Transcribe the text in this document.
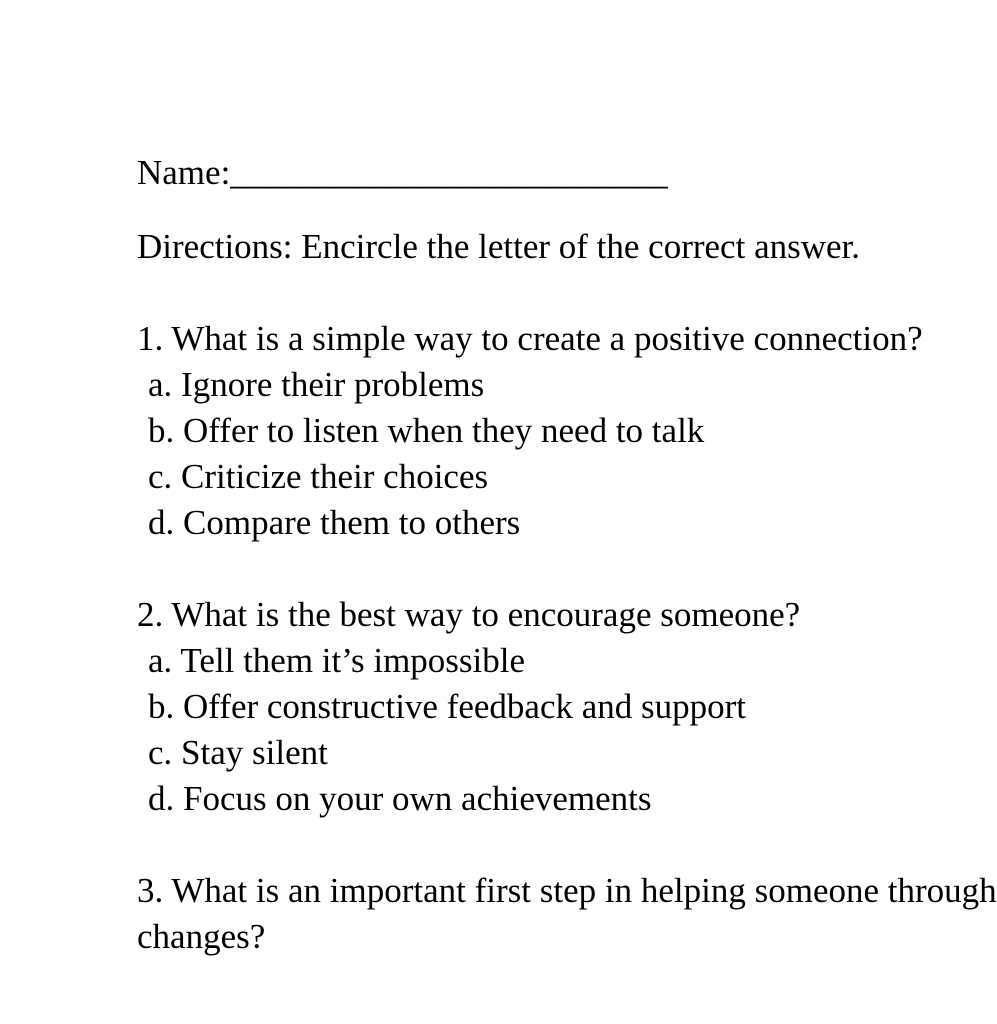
Name:_________________________

Directions: Encircle the letter of the correct answer.

1. What is a simple way to create a positive connection?

a. Ignore their problems

b. Offer to listen when they need to talk

c. Criticize their choices

d. Compare them to others

2. What is the best way to encourage someone?

a. Tell them it’s impossible

b. Offer constructive feedback and support

c. Stay silent

d. Focus on your own achievements

3. What is an important first step in helping someone through

changes?
